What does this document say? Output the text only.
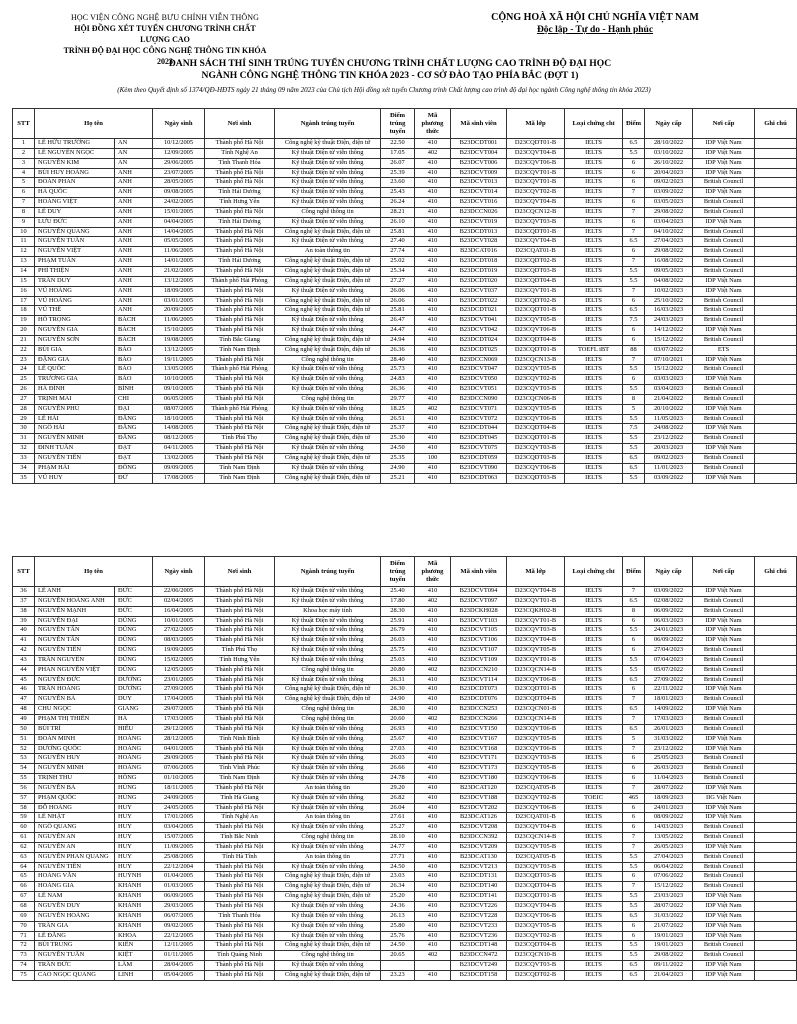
HỌC VIỆN CÔNG NGHỆ BƯU CHÍNH VIỄN THÔNG
HỘI ĐỒNG XÉT TUYỂN CHƯƠNG TRÌNH CHẤT LƯỢNG CAO
TRÌNH ĐỘ ĐẠI HỌC CÔNG NGHỆ THÔNG TIN KHÓA 2023
CỘNG HOÀ XÃ HỘI CHỦ NGHĨA VIỆT NAM
Độc lập - Tự do - Hạnh phúc
DANH SÁCH THÍ SINH TRÚNG TUYỂN CHƯƠNG TRÌNH CHẤT LƯỢNG CAO TRÌNH ĐỘ ĐẠI HỌC
NGÀNH CÔNG NGHỆ THÔNG TIN KHÓA 2023 - CƠ SỞ ĐÀO TẠO PHÍA BẮC (ĐỢT 1)
(Kèm theo Quyết định số 1374/QĐ-HĐTS ngày 21 tháng 09 năm 2023 của Chủ tịch Hội đồng xét tuyển Chương trình Chất lượng cao trình độ đại học ngành Công nghệ thông tin khóa 2023)
STT	Họ tên		Ngày sinh	Nơi sinh	Ngành trúng tuyển	Điểm trúng tuyển	Mã phương thức	Mã sinh viên	Mã lớp	Loại chứng chỉ	Điểm	Ngày cấp	Nơi cấp	Ghi chú
1	LÊ HỮU TRƯỜNG	AN	10/12/2005	Thành phố Hà Nội	Công nghệ kỹ thuật Điện, điện tử	22.50	410	B23DCDT001	D23CQDT01-B	IELTS	6.5	28/10/2022	IDP Việt Nam	
2	LÊ NGUYÊN NGỌC	AN	12/09/2005	Tỉnh Nghệ An	Kỹ thuật Điện tử viễn thông	17.05	402	B23DCVT004	D23CQVT04-B	IELTS	5.5	03/10/2022	IDP Việt Nam	
3	NGUYỄN KIM	AN	29/06/2005	Tỉnh Thanh Hóa	Kỹ thuật Điện tử viễn thông	26.07	410	B23DCVT006	D23CQVT06-B	IELTS	6	26/10/2022	IDP Việt Nam	
4	BÙI HUY HOÀNG	ANH	23/07/2005	Thành phố Hà Nội	Kỹ thuật Điện tử viễn thông	25.39	410	B23DCVT009	D23CQVT01-B	IELTS	6	20/04/2023	IDP Việt Nam	
5	ĐOÀN PHAN	ANH	28/05/2005	Thành phố Hà Nội	Kỹ thuật Điện tử viễn thông	23.60	410	B23DCVT013	D23CQVT01-B	IELTS	6	09/02/2023	British Council	
6	HÀ QUỐC	ANH	09/08/2005	Tỉnh Hải Dương	Kỹ thuật Điện tử viễn thông	25.43	410	B23DCVT014	D23CQVT02-B	IELTS	7	03/09/2022	IDP Việt Nam	
7	HOÀNG VIỆT	ANH	24/02/2005	Tỉnh Hưng Yên	Kỹ thuật Điện tử viễn thông	26.24	410	B23DCVT016	D23CQVT04-B	IELTS	6	03/05/2023	British Council	
8	LÊ DUY	ANH	15/01/2005	Thành phố Hà Nội	Công nghệ thông tin	28.21	410	B23DCCN026	D23CQCN12-B	IELTS	7	29/08/2022	British Council	
9	LƯU ĐỨC	ANH	04/04/2005	Tỉnh Hải Dương	Kỹ thuật Điện tử viễn thông	26.10	410	B23DCVT019	D23CQVT03-B	IELTS	6	03/04/2023	IDP Việt Nam	
10	NGUYỄN QUANG	ANH	14/04/2005	Thành phố Hà Nội	Công nghệ kỹ thuật Điện, điện tử	25.81	410	B23DCDT013	D23CQDT01-B	IELTS	7	04/10/2022	British Council	
11	NGUYỄN TUẤN	ANH	05/05/2005	Thành phố Hà Nội	Kỹ thuật Điện tử viễn thông	27.40	410	B23DCVT028	D23CQVT04-B	IELTS	6.5	27/04/2023	British Council	
12	NGUYỄN VIỆT	ANH	11/06/2005	Thành phố Hà Nội	An toàn thông tin	27.74	410	B23DCAT016	D23CQAT01-B	IELTS	6	29/08/2022	British Council	
13	PHẠM TUẤN	ANH	14/01/2005	Tỉnh Hải Dương	Công nghệ kỹ thuật Điện, điện tử	25.02	410	B23DCDT018	D23CQDT02-B	IELTS	7	16/08/2022	British Council	
14	PHÍ THIỆN	ANH	21/02/2005	Thành phố Hà Nội	Công nghệ kỹ thuật Điện, điện tử	25.34	410	B23DCDT019	D23CQDT03-B	IELTS	5.5	09/05/2023	British Council	
15	TRẦN DUY	ANH	13/12/2005	Thành phố Hải Phòng	Công nghệ kỹ thuật Điện, điện tử	27.27	410	B23DCDT020	D23CQDT04-B	IELTS	5.5	04/08/2022	IDP Việt Nam	
16	VŨ HOÀNG	ANH	18/09/2005	Thành phố Hà Nội	Kỹ thuật Điện tử viễn thông	26.06	410	B23DCVT037	D23CQVT01-B	IELTS	7	10/02/2023	IDP Việt Nam	
17	VŨ HOÀNG	ANH	03/01/2005	Thành phố Hà Nội	Công nghệ kỹ thuật Điện, điện tử	26.06	410	B23DCDT022	D23CQDT02-B	IELTS	6	25/10/2022	British Council	
18	VŨ THẾ	ANH	20/09/2005	Thành phố Hà Nội	Công nghệ kỹ thuật Điện, điện tử	25.81	410	B23DCDT021	D23CQDT01-B	IELTS	6.5	16/03/2023	British Council	
19	HỒ TRỌNG	BÁCH	11/06/2005	Thành phố Hà Nội	Kỹ thuật Điện tử viễn thông	26.47	410	B23DCVT041	D23CQVT05-B	IELTS	7.5	24/03/2023	British Council	
20	NGUYỄN GIA	BÁCH	15/10/2005	Thành phố Hà Nội	Kỹ thuật Điện tử viễn thông	24.47	410	B23DCVT042	D23CQVT06-B	IELTS	6	14/12/2022	IDP Việt Nam	
21	NGUYỄN SƠN	BÁCH	19/08/2005	Tỉnh Bắc Giang	Công nghệ kỹ thuật Điện, điện tử	24.94	410	B23DCDT024	D23CQDT04-B	IELTS	6	15/12/2022	British Council	
22	BÙI GIA	BẢO	13/12/2005	Tỉnh Nam Định	Công nghệ kỹ thuật Điện, điện tử	26.36	410	B23DCDT025	D23CQDT01-B	TOEFL iBT	88	03/07/2022	ETS	
23	ĐẶNG GIA	BẢO	19/11/2005	Thành phố Hà Nội	Công nghệ thông tin	28.40	410	B23DCCN069	D23CQCN13-B	IELTS	7	07/10/2021	IDP Việt Nam	
24	LÊ QUỐC	BẢO	13/05/2005	Thành phố Hải Phòng	Kỹ thuật Điện tử viễn thông	25.73	410	B23DCVT047	D23CQVT05-B	IELTS	5.5	15/12/2022	British Council	
25	TRƯƠNG GIA	BẢO	10/10/2005	Thành phố Hà Nội	Kỹ thuật Điện tử viễn thông	24.83	410	B23DCVT050	D23CQVT02-B	IELTS	6	03/03/2023	IDP Việt Nam	
26	HÀ ĐÌNH	BÌNH	09/10/2005	Thành phố Hà Nội	Kỹ thuật Điện tử viễn thông	26.36	410	B23DCVT051	D23CQVT03-B	IELTS	5.5	03/04/2023	British Council	
27	TRỊNH MAI	CHI	06/05/2005	Thành phố Hà Nội	Công nghệ thông tin	29.77	410	B23DCCN090	D23CQCN06-B	IELTS	8	21/04/2022	British Council	
28	NGUYỄN PHÚ	ĐẠI	08/07/2005	Thành phố Hải Phòng	Kỹ thuật Điện tử viễn thông	18.25	402	B23DCVT071	D23CQVT05-B	IELTS	5	20/10/2022	IDP Việt Nam	
29	LÊ HẢI	ĐĂNG	18/10/2005	Thành phố Hà Nội	Kỹ thuật Điện tử viễn thông	26.51	410	B23DCVT072	D23CQVT06-B	IELTS	5.5	11/05/2023	British Council	
30	NGÔ HẢI	ĐĂNG	14/08/2005	Thành phố Hà Nội	Công nghệ kỹ thuật Điện, điện tử	25.37	410	B23DCDT044	D23CQDT04-B	IELTS	7.5	24/08/2022	IDP Việt Nam	
31	NGUYỄN MINH	ĐĂNG	08/12/2005	Tỉnh Phú Thọ	Công nghệ kỹ thuật Điện, điện tử	25.30	410	B23DCDT045	D23CQDT01-B	IELTS	5.5	23/12/2022	British Council	
32	ĐINH TUẤN	ĐẠT	04/11/2005	Thành phố Hà Nội	Kỹ thuật Điện tử viễn thông	24.50	410	B23DCVT075	D23CQVT03-B	IELTS	5.5	20/03/2023	IDP Việt Nam	
33	NGUYỄN TIẾN	ĐẠT	13/02/2005	Thành phố Hà Nội	Công nghệ kỹ thuật Điện, điện tử	25.35	100	B23DCDT059	D23CQDT03-B	IELTS	6.5	09/02/2023	British Council	
34	PHẠM HẢI	ĐÔNG	09/09/2005	Tỉnh Nam Định	Kỹ thuật Điện tử viễn thông	24.90	410	B23DCVT090	D23CQVT06-B	IELTS	6.5	11/01/2023	British Council	
35	VŨ HUY	ĐỨ	17/08/2005	Tỉnh Nam Định	Công nghệ kỹ thuật Điện, điện tử	25.21	410	B23DCDT063	D23CQDT03-B	IELTS	5.5	03/09/2022	IDP Việt Nam	
STT	Họ tên		Ngày sinh	Nơi sinh	Ngành trúng tuyển	Điểm trúng tuyển	Mã phương thức	Mã sinh viên	Mã lớp	Loại chứng chỉ	Điểm	Ngày cấp	Nơi cấp	Ghi chú
36	LÊ ANH	ĐỨC	22/06/2005	Thành phố Hà Nội	Kỹ thuật Điện tử viễn thông	25.40	410	B23DCVT094	D23CQVT04-B	IELTS	7	03/09/2022	IDP Việt Nam	
37	NGUYỄN HOÀNG ANH	ĐỨC	02/04/2005	Thành phố Hà Nội	Kỹ thuật Điện tử viễn thông	17.80	402	B23DCVT097	D23CQVT01-B	IELTS	6.5	02/08/2022	British Council	
38	NGUYỄN MẠNH	ĐỨC	16/04/2005	Thành phố Hà Nội	Khoa học máy tính	28.30	410	B23DCKH028	D23CQKH02-B	IELTS	8	06/09/2022	British Council	
39	NGUYỄN ĐẠI	DŨNG	10/01/2005	Thành phố Hà Nội	Kỹ thuật Điện tử viễn thông	25.91	410	B23DCVT103	D23CQVT01-B	IELTS	6	06/03/2023	IDP Việt Nam	
40	NGUYỄN TẤN	DŨNG	27/02/2005	Thành phố Hà Nội	Kỹ thuật Điện tử viễn thông	26.79	410	B23DCVT105	D23CQVT03-B	IELTS	5.5	24/01/2023	IDP Việt Nam	
41	NGUYỄN TẤN	DŨNG	08/03/2005	Thành phố Hà Nội	Kỹ thuật Điện tử viễn thông	26.03	410	B23DCVT106	D23CQVT04-B	IELTS	6	06/09/2022	IDP Việt Nam	
42	NGUYỄN TIẾN	DŨNG	19/09/2005	Tỉnh Phú Thọ	Kỹ thuật Điện tử viễn thông	25.75	410	B23DCVT107	D23CQVT05-B	IELTS	6	27/04/2023	British Council	
43	TRẦN NGUYÊN	DŨNG	15/02/2005	Tỉnh Hưng Yên	Kỹ thuật Điện tử viễn thông	25.03	410	B23DCVT109	D23CQVT01-B	IELTS	5.5	07/04/2023	British Council	
44	PHAN NGUYỄN VIỆT	DŨNG	12/05/2005	Thành phố Hà Nội	Công nghệ thông tin	20.80	402	B23DCCN210	D23CQCN14-B	IELTS	5.5	05/07/2022	British Council	
45	NGUYỄN ĐỨC	DƯƠNG	23/01/2005	Thành phố Hà Nội	Kỹ thuật Điện tử viễn thông	26.31	410	B23DCVT114	D23CQVT06-B	IELTS	6.5	27/09/2022	British Council	
46	TRẦN HOÀNG	DƯƠNG	27/09/2005	Thành phố Hà Nội	Công nghệ kỹ thuật Điện, điện tử	26.30	410	B23DCDT073	D23CQDT01-B	IELTS	6	22/11/2022	IDP Việt Nam	
47	NGUYỄN BÁ	DUY	17/04/2005	Thành phố Hà Nội	Công nghệ kỹ thuật Điện, điện tử	24.90	410	B23DCDT076	D23CQDT04-B	IELTS	7	18/01/2023	British Council	
48	CHU NGỌC	GIANG	29/07/2005	Thành phố Hà Nội	Công nghệ thông tin	28.30	410	B23DCCN253	D23CQCN01-B	IELTS	6.5	14/09/2022	IDP Việt Nam	
49	PHẠM THỊ THIÊN	HÀ	17/03/2005	Thành phố Hà Nội	Công nghệ thông tin	20.60	402	B23DCCN266	D23CQCN14-B	IELTS	7	17/03/2023	British Council	
50	BÙI TRÍ	HIẾU	29/12/2005	Thành phố Hà Nội	Kỹ thuật Điện tử viễn thông	26.93	410	B23DCVT150	D23CQVT06-B	IELTS	6.5	26/01/2023	British Council	
51	ĐOÀN MINH	HOÀNG	28/12/2005	Tỉnh Ninh Bình	Kỹ thuật Điện tử viễn thông	25.67	410	B23DCVT167	D23CQVT05-B	IELTS	5	31/03/2022	IDP Việt Nam	
52	DƯƠNG QUỐC	HOÀNG	04/01/2005	Thành phố Hà Nội	Kỹ thuật Điện tử viễn thông	27.03	410	B23DCVT168	D23CQVT06-B	IELTS	7	23/12/2022	IDP Việt Nam	
53	NGUYỄN HUY	HOÀNG	29/09/2005	Thành phố Hà Nội	Kỹ thuật Điện tử viễn thông	26.03	410	B23DCVT171	D23CQVT03-B	IELTS	6	25/05/2023	British Council	
54	NGUYỄN MINH	HOÀNG	07/06/2005	Tỉnh Vĩnh Phúc	Kỹ thuật Điện tử viễn thông	26.66	410	B23DCVT173	D23CQVT05-B	IELTS	6	26/03/2023	British Council	
55	TRỊNH THU	HỒNG	01/10/2005	Tỉnh Nam Định	Kỹ thuật Điện tử viễn thông	24.78	410	B23DCVT180	D23CQVT06-B	IELTS	6	11/04/2023	British Council	
56	NGUYỄN BÁ	HÙNG	18/11/2005	Thành phố Hà Nội	An toàn thông tin	29.20	410	B23DCAT120	D23CQAT05-B	IELTS	7	28/07/2022	IDP Việt Nam	
57	PHẠM QUỐC	HÙNG	24/09/2005	Tỉnh Hà Giang	Kỹ thuật Điện tử viễn thông	26.82	410	B23DCVT188	D23CQVT02-B	TOEIC	465	18/09/2023	IIG Việt Nam	
58	ĐỖ HOÀNG	HUY	24/05/2005	Thành phố Hà Nội	Kỹ thuật Điện tử viễn thông	26.04	410	B23DCVT202	D23CQVT06-B	IELTS	6	24/01/2023	IDP Việt Nam	
59	LÊ NHẬT	HUY	17/01/2005	Tỉnh Nghệ An	An toàn thông tin	27.61	410	B23DCAT126	D23CQAT01-B	IELTS	6	08/09/2022	IDP Việt Nam	
60	NGÔ QUANG	HUY	03/04/2005	Thành phố Hà Nội	Kỹ thuật Điện tử viễn thông	25.27	410	B23DCVT208	D23CQVT04-B	IELTS	6	14/03/2023	British Council	
61	NGUYỄN AN	HUY	15/07/2005	Tỉnh Bắc Ninh	Công nghệ thông tin	28.10	410	B23DCCN392	D23CQCN14-B	IELTS	7	13/05/2022	British Council	
62	NGUYỄN AN	HUY	11/09/2005	Thành phố Hà Nội	Kỹ thuật Điện tử viễn thông	24.77	410	B23DCVT209	D23CQVT05-B	IELTS	7	26/05/2023	IDP Việt Nam	
63	NGUYỄN PHAN QUANG	HUY	25/08/2005	Tỉnh Hà Tĩnh	An toàn thông tin	27.71	410	B23DCAT130	D23CQAT05-B	IELTS	5.5	27/04/2023	British Council	
64	NGUYỄN TIẾN	HUY	22/12/2004	Thành phố Hà Nội	Kỹ thuật Điện tử viễn thông	24.50	410	B23DCVT213	D23CQVT03-B	IELTS	5.5	06/04/2022	British Council	
65	HOÀNG VĂN	HUỲNH	01/04/2005	Thành phố Hà Nội	Công nghệ kỹ thuật Điện, điện tử	23.03	410	B23DCDT131	D23CQDT03-B	IELTS	6	07/06/2022	British Council	
66	HOÀNG GIA	KHÁNH	01/03/2005	Thành phố Hà Nội	Công nghệ kỹ thuật Điện, điện tử	26.34	410	B23DCDT140	D23CQDT04-B	IELTS	7	15/12/2022	British Council	
67	LÊ NAM	KHÁNH	06/09/2005	Thành phố Hà Nội	Công nghệ kỹ thuật Điện, điện tử	25.20	410	B23DCDT141	D23CQDT01-B	IELTS	5.5	23/03/2023	IDP Việt Nam	
68	NGUYỄN DUY	KHÁNH	29/03/2005	Thành phố Hà Nội	Kỹ thuật Điện tử viễn thông	24.36	410	B23DCVT226	D23CQVT04-B	IELTS	5.5	28/07/2022	IDP Việt Nam	
69	NGUYỄN HOÀNG	KHÁNH	06/07/2005	Tỉnh Thanh Hóa	Kỹ thuật Điện tử viễn thông	26.13	410	B23DCVT228	D23CQVT06-B	IELTS	6.5	31/03/2022	IDP Việt Nam	
70	TRẦN GIA	KHÁNH	09/02/2005	Thành phố Hà Nội	Kỹ thuật Điện tử viễn thông	25.80	410	B23DCVT233	D23CQVT05-B	IELTS	6	21/07/2022	IDP Việt Nam	
71	LÊ ĐĂNG	KHOA	22/12/2005	Thành phố Hà Nội	Kỹ thuật Điện tử viễn thông	25.76	410	B23DCVT236	D23CQVT02-B	IELTS	6	19/01/2023	IDP Việt Nam	
72	BÙI TRUNG	KIÊN	12/11/2005	Thành phố Hà Nội	Công nghệ kỹ thuật Điện, điện tử	24.50	410	B23DCDT148	D23CQDT04-B	IELTS	5.5	19/01/2023	British Council	
73	NGUYỄN TUẤN	KIỆT	01/11/2005	Tỉnh Quảng Ninh	Công nghệ thông tin	20.65	402	B23DCCN472	D23CQCN10-B	IELTS	5.5	29/08/2022	British Council	
74	TRẦN ĐỨC	LÂM	28/04/2005	Thành phố Hà Nội	Kỹ thuật Điện tử viễn thông			B23DCVT249	D23CQVT03-B	IELTS	6.5	09/11/2022	IDP Việt Nam	
75	CAO NGỌC QUANG	LINH	05/04/2005	Thành phố Hà Nội	Công nghệ kỹ thuật Điện, điện tử	23.23	410	B23DCDT158	D23CQDT02-B	IELTS	6.5	21/04/2023	IDP Việt Nam	
